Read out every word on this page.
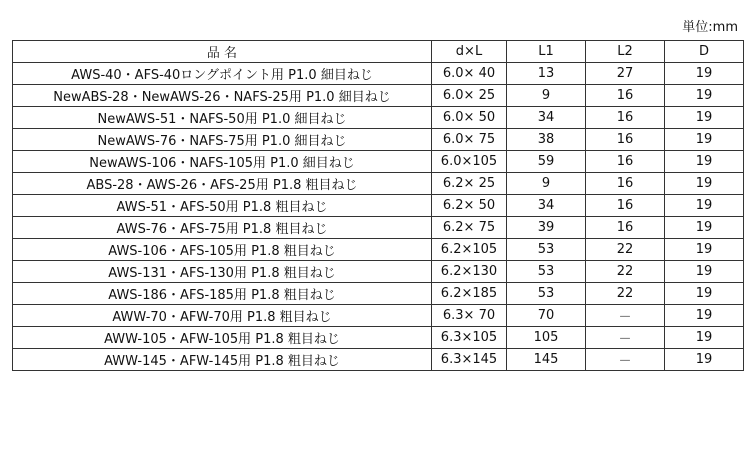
単位:mm
品 名	d×L	L1	L2	D
AWS-40・AFS-40ロングポイント用 P1.0 細目ねじ	6.0× 40	13	27	19
NewABS-28・NewAWS-26・NAFS-25用 P1.0 細目ねじ	6.0× 25	9	16	19
NewAWS-51・NAFS-50用 P1.0 細目ねじ	6.0× 50	34	16	19
NewAWS-76・NAFS-75用 P1.0 細目ねじ	6.0× 75	38	16	19
NewAWS-106・NAFS-105用 P1.0 細目ねじ	6.0×105	59	16	19
ABS-28・AWS-26・AFS-25用 P1.8 粗目ねじ	6.2× 25	9	16	19
AWS-51・AFS-50用 P1.8 粗目ねじ	6.2× 50	34	16	19
AWS-76・AFS-75用 P1.8 粗目ねじ	6.2× 75	39	16	19
AWS-106・AFS-105用 P1.8 粗目ねじ	6.2×105	53	22	19
AWS-131・AFS-130用 P1.8 粗目ねじ	6.2×130	53	22	19
AWS-186・AFS-185用 P1.8 粗目ねじ	6.2×185	53	22	19
AWW-70・AFW-70用 P1.8 粗目ねじ	6.3× 70	70	－	19
AWW-105・AFW-105用 P1.8 粗目ねじ	6.3×105	105	－	19
AWW-145・AFW-145用 P1.8 粗目ねじ	6.3×145	145	－	19
